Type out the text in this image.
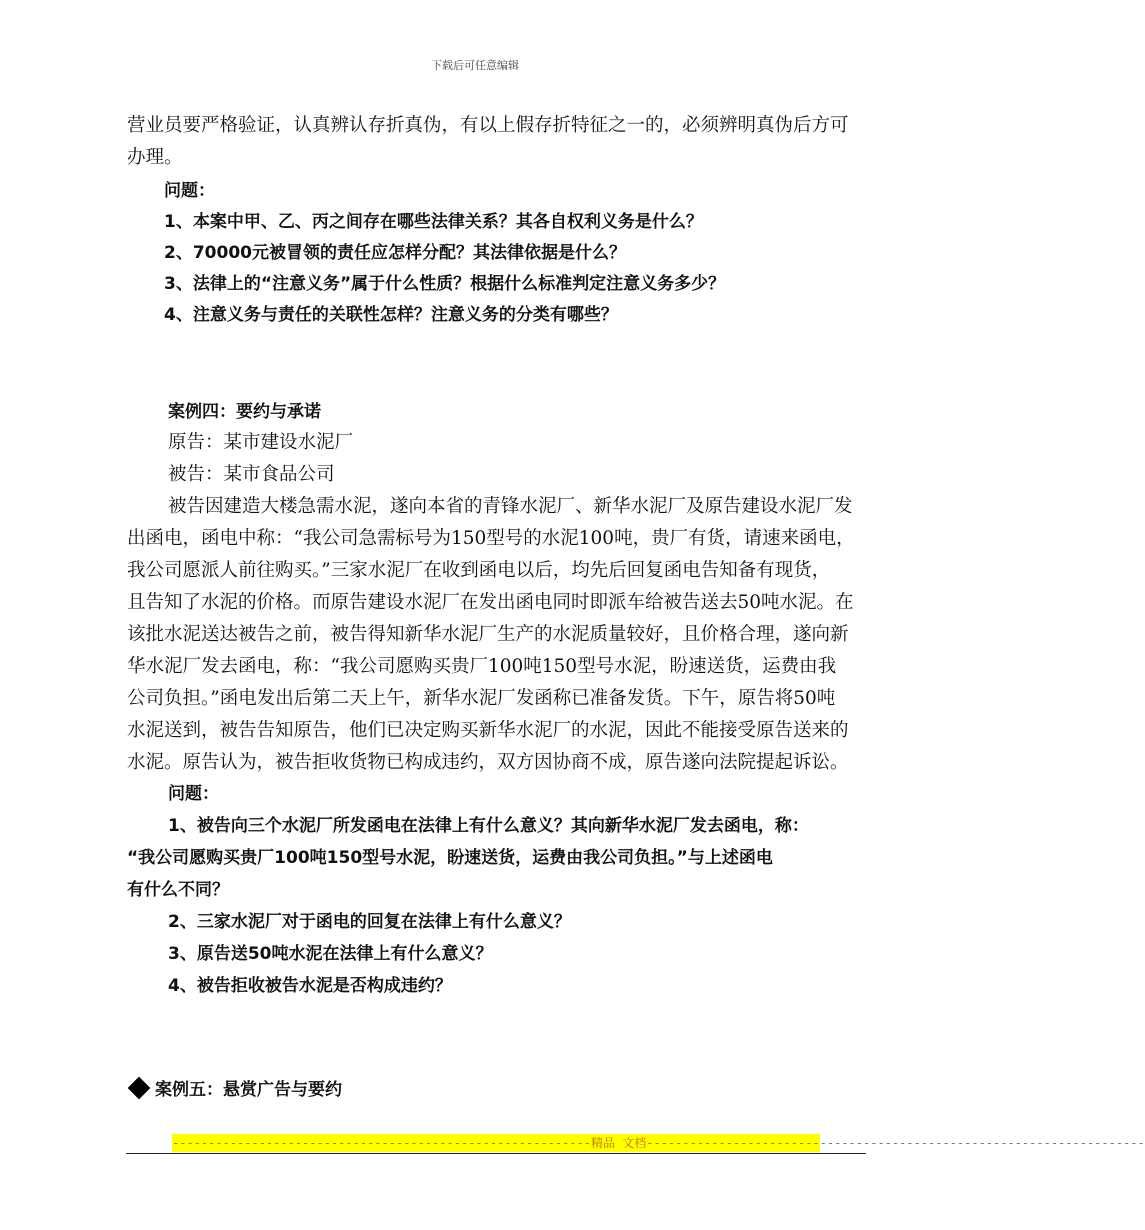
下载后可任意编辑
营业员要严格验证，认真辨认存折真伪，有以上假存折特征之一的，必须辨明真伪后方可
办理。
问题：
1、本案中甲、乙、丙之间存在哪些法律关系？其各自权利义务是什么？
2、70000元被冒领的责任应怎样分配？其法律依据是什么？
3、法律上的“注意义务”属于什么性质？根据什么标准判定注意义务多少？
4、注意义务与责任的关联性怎样？注意义务的分类有哪些？
案例四：要约与承诺
原告：某市建设水泥厂
被告：某市食品公司
被告因建造大楼急需水泥，遂向本省的青锋水泥厂、新华水泥厂及原告建设水泥厂发
出函电，函电中称：“我公司急需标号为150型号的水泥100吨，贵厂有货，请速来函电，
我公司愿派人前往购买。”三家水泥厂在收到函电以后，均先后回复函电告知备有现货，
且告知了水泥的价格。而原告建设水泥厂在发出函电同时即派车给被告送去50吨水泥。在
该批水泥送达被告之前，被告得知新华水泥厂生产的水泥质量较好，且价格合理，遂向新
华水泥厂发去函电，称：“我公司愿购买贵厂100吨150型号水泥，盼速送货，运费由我
公司负担。”函电发出后第二天上午，新华水泥厂发函称已准备发货。下午，原告将50吨
水泥送到，被告告知原告，他们已决定购买新华水泥厂的水泥，因此不能接受原告送来的
水泥。原告认为，被告拒收货物已构成违约，双方因协商不成，原告遂向法院提起诉讼。
问题：
1、被告向三个水泥厂所发函电在法律上有什么意义？其向新华水泥厂发去函电，称：
“我公司愿购买贵厂100吨150型号水泥，盼速送货，运费由我公司负担。”与上述函电
有什么不同？
2、三家水泥厂对于函电的回复在法律上有什么意义？
3、原告送50吨水泥在法律上有什么意义？
4、被告拒收被告水泥是否构成违约？
案例五：悬赏广告与要约
----------------------------------------------------------精品 文档---------------------------------------------------------------------
